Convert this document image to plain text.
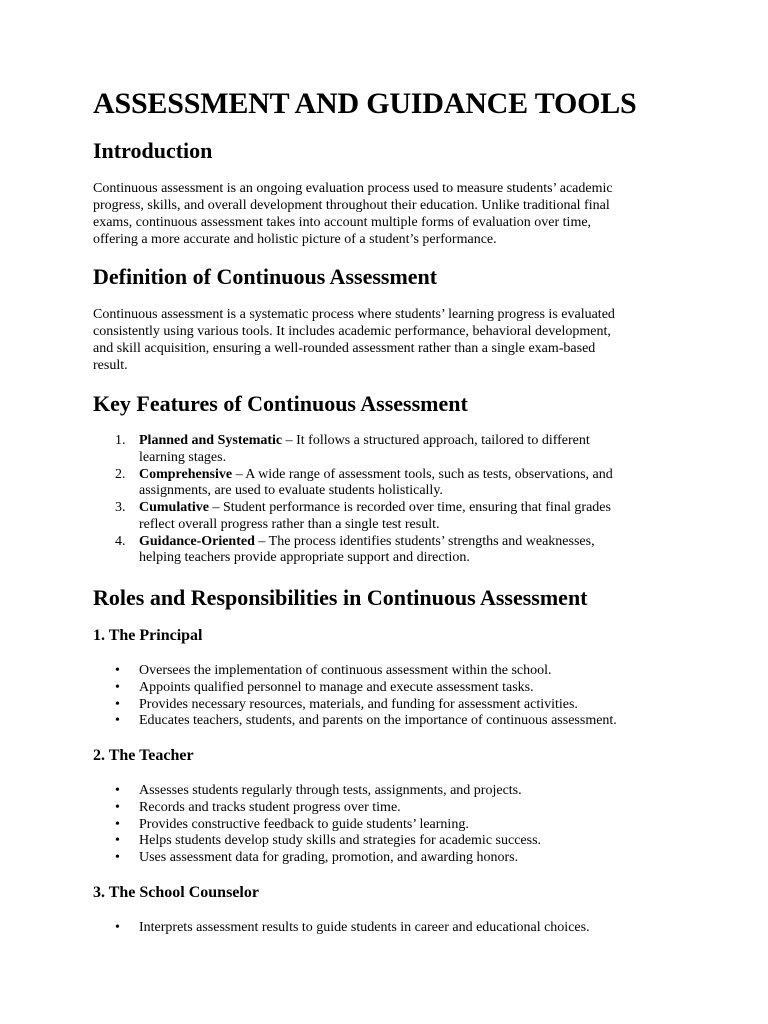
ASSESSMENT AND GUIDANCE TOOLS
Introduction

Continuous assessment is an ongoing evaluation process used to measure students’ academic
progress, skills, and overall development throughout their education. Unlike traditional final
exams, continuous assessment takes into account multiple forms of evaluation over time,
offering a more accurate and holistic picture of a student’s performance.

Definition of Continuous Assessment

Continuous assessment is a systematic process where students’ learning progress is evaluated
consistently using various tools. It includes academic performance, behavioral development,
and skill acquisition, ensuring a well-rounded assessment rather than a single exam-based
result.

Key Features of Continuous Assessment
1. Planned and Systematic – It follows a structured approach, tailored to different
learning stages.
2. Comprehensive – A wide range of assessment tools, such as tests, observations, and
assignments, are used to evaluate students holistically.
3. Cumulative – Student performance is recorded over time, ensuring that final grades
reflect overall progress rather than a single test result.
4. Guidance-Oriented – The process identifies students’ strengths and weaknesses,
helping teachers provide appropriate support and direction.
Roles and Responsibilities in Continuous Assessment
1. The Principal
• Oversees the implementation of continuous assessment within the school.
• Appoints qualified personnel to manage and execute assessment tasks.
• Provides necessary resources, materials, and funding for assessment activities.
• Educates teachers, students, and parents on the importance of continuous assessment.
2. The Teacher
• Assesses students regularly through tests, assignments, and projects.
• Records and tracks student progress over time.
• Provides constructive feedback to guide students’ learning.
• Helps students develop study skills and strategies for academic success.
• Uses assessment data for grading, promotion, and awarding honors.
3. The School Counselor
• Interprets assessment results to guide students in career and educational choices.
